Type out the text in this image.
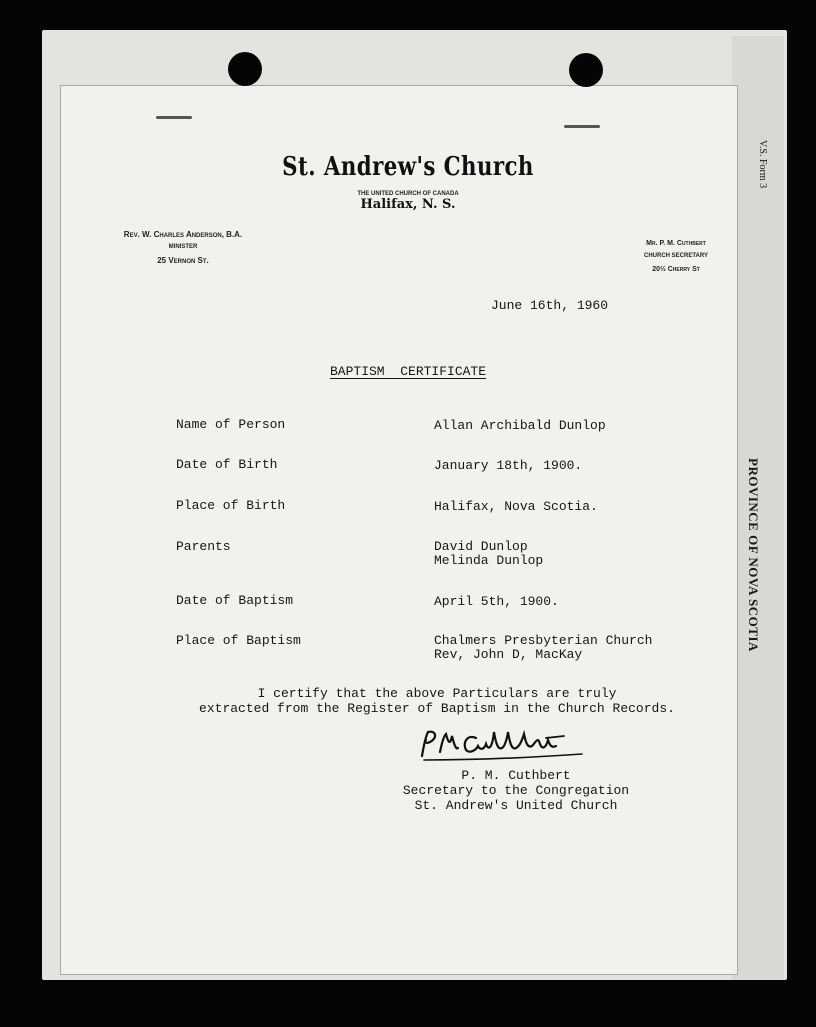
V.S. Form 3
PROVINCE OF NOVA SCOTIA
St. Andrew's Church
THE UNITED CHURCH OF CANADA
Halifax, N. S.
Rev. W. Charles Anderson, B.A.
MINISTER
25 Vernon St.
Mr. P. M. Cuthbert
CHURCH SECRETARY
20½ Cherry St
June 16th, 1960
BAPTISM  CERTIFICATE
Name of Person	Allan Archibald Dunlop
Date of Birth	January 18th, 1900.
Place of Birth	Halifax, Nova Scotia.
Parents	David Dunlop
Melinda Dunlop
Date of Baptism	April 5th, 1900.
Place of Baptism	Chalmers Presbyterian Church
Rev, John D, MacKay
I certify that the above Particulars are truly
extracted from the Register of Baptism in the Church Records.
P. M. Cuthbert
Secretary to the Congregation
St. Andrew's United Church
